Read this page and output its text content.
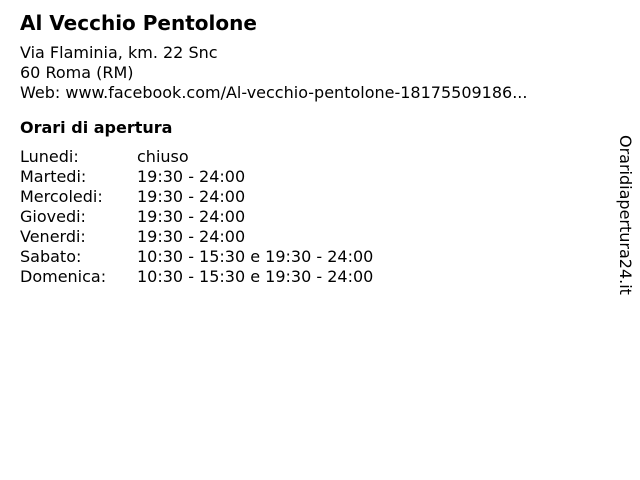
Al Vecchio Pentolone
Via Flaminia, km. 22 Snc
60 Roma (RM)
Web: www.facebook.com/Al-vecchio-pentolone-18175509186...
Orari di apertura
Lunedi:	chiuso
Martedi:	19:30 - 24:00
Mercoledi:	19:30 - 24:00
Giovedi:	19:30 - 24:00
Venerdi:	19:30 - 24:00
Sabato:	10:30 - 15:30 e 19:30 - 24:00
Domenica:	10:30 - 15:30 e 19:30 - 24:00	Oraridiapertura24.it
